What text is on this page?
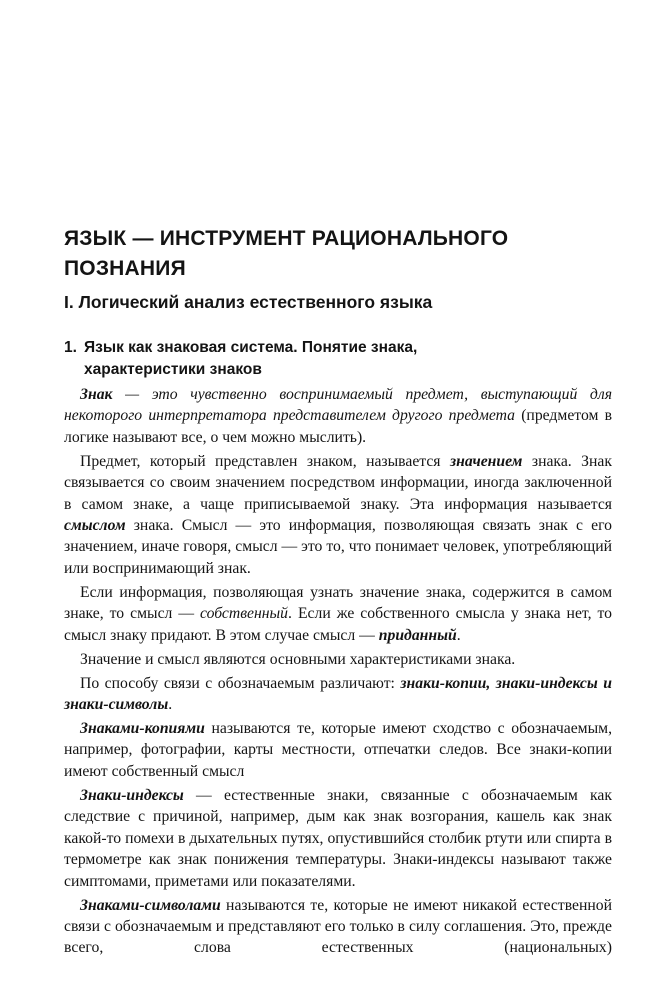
ЯЗЫК — ИНСТРУМЕНТ РАЦИОНАЛЬНОГО ПОЗНАНИЯ
I. Логический анализ естественного языка
1. Язык как знаковая система. Понятие знака,
характеристики знаков

Знак — это чувственно воспринимаемый предмет, выступающий для некоторого интерпретатора представителем другого предмета (предметом в логике называют все, о чем можно мыслить).

Предмет, который представлен знаком, называется значением знака. Знак связывается со своим значением посредством информации, иногда заключенной в самом знаке, а чаще приписываемой знаку. Эта информация называется смыслом знака. Смысл — это информация, позволяющая связать знак с его значением, иначе говоря, смысл — это то, что понимает человек, употребляющий или воспринимающий знак.

Если информация, позволяющая узнать значение знака, содержится в самом знаке, то смысл — собственный. Если же собственного смысла у знака нет, то смысл знаку придают. В этом случае смысл — приданный.

Значение и смысл являются основными характеристиками знака.

По способу связи с обозначаемым различают: знаки-копии, знаки-индексы и знаки-символы.

Знаками-копиями называются те, которые имеют сходство с обозначаемым, например, фотографии, карты местности, отпечатки следов. Все знаки-копии имеют собственный смысл

Знаки-индексы — естественные знаки, связанные с обозначаемым как следствие с причиной, например, дым как знак возгорания, кашель как знак какой-то помехи в дыхательных путях, опустившийся столбик ртути или спирта в термометре как знак понижения температуры. Знаки-индексы называют также симптомами, приметами или показателями.

Знаками-символами называются те, которые не имеют никакой естественной связи с обозначаемым и представляют его только в силу соглашения. Это, прежде всего, слова естественных (национальных)
